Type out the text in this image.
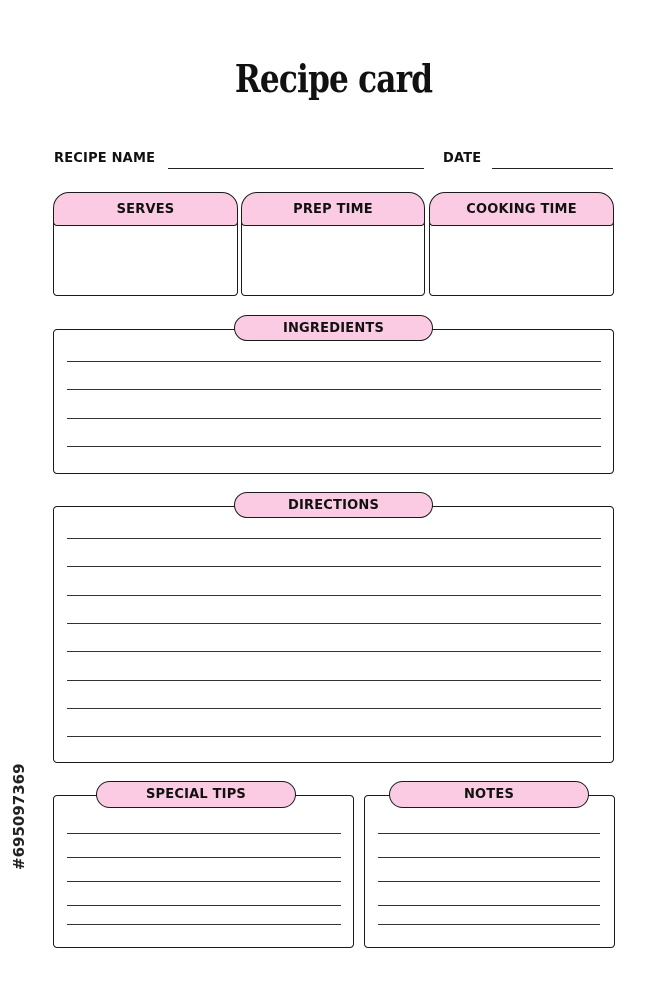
Recipe card
RECIPE NAME	DATE
SERVES	PREP TIME	COOKING TIME
INGREDIENTS
DIRECTIONS
SPECIAL TIPS	NOTES
#695097369
